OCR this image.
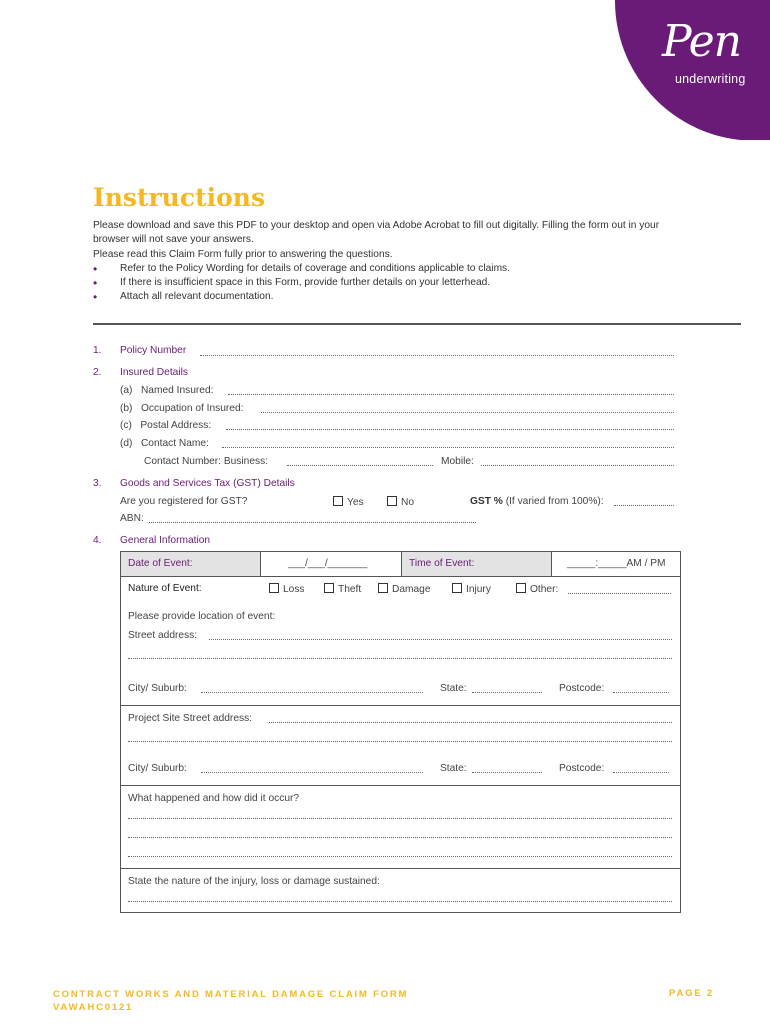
Pen
underwriting
Instructions
Please download and save this PDF to your desktop and open via Adobe Acrobat to fill out digitally. Filling the form out in your browser will not save your answers.
Please read this Claim Form fully prior to answering the questions.
• Refer to the Policy Wording for details of coverage and conditions applicable to claims.
• If there is insufficient space in this Form, provide further details on your letterhead.
• Attach all relevant documentation.
1. Policy Number
2. Insured Details
(a) Named Insured:
(b) Occupation of Insured:
(c) Postal Address:
(d) Contact Name:
Contact Number: Business:	Mobile:
3. Goods and Services Tax (GST) Details
Are you registered for GST?	Yes	No	GST % (If varied from 100%):
ABN:
4. General Information
Date of Event:	___/___/_______	Time of Event:	_____:_____AM / PM
Nature of Event:	Loss	Theft	Damage	Injury	Other:
Please provide location of event:
Street address:
City/ Suburb:	State:	Postcode:
Project Site Street address:
City/ Suburb:	State:	Postcode:
What happened and how did it occur?
State the nature of the injury, loss or damage sustained:
CONTRACT WORKS AND MATERIAL DAMAGE CLAIM FORM
VAWAHC0121
PAGE 2
